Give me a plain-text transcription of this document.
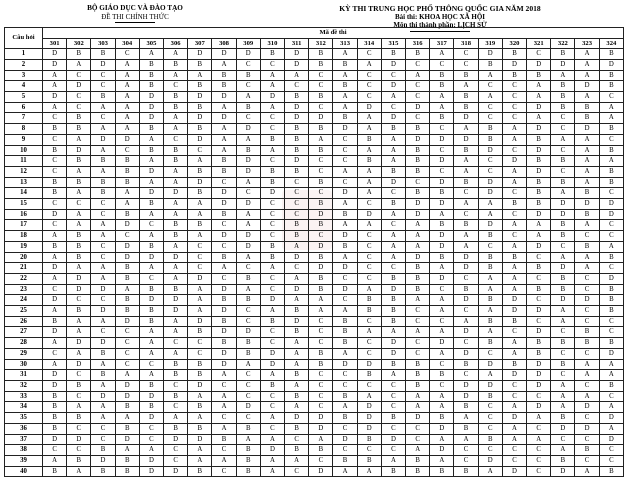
BỘ GIÁO DỤC VÀ ĐÀO TẠO
ĐỀ THI CHÍNH THỨC
KỲ THI TRUNG HỌC PHỔ THÔNG QUỐC GIA NĂM 2018
Bài thi: KHOA HỌC XÃ HỘI
Môn thi thành phần: LỊCH SỬ
Câu hỏi	Mã đề thi																							
	301	302	303	304	305	306	307	308	309	310	311	312	313	314	315	316	317	318	319	320	321	322	323	324
1	D	B	B	C	A	A	D	D	D	B	D	B	A	C	B	B	A	C	D	B	C	B	A	B
2	D	A	D	A	B	B	B	A	C	C	D	B	B	A	D	C	C	C	B	D	D	D	A	D
3	A	C	C	A	B	A	A	B	B	A	A	C	A	C	C	A	B	B	A	B	B	A	A	B
4	A	D	C	A	B	C	B	B	C	A	C	C	B	C	D	C	B	A	C	C	A	B	D	B
5	D	C	B	A	D	B	D	D	A	D	B	B	A	C	A	C	A	B	A	C	A	B	A	C
6	A	C	A	A	D	B	B	A	B	A	D	C	A	D	C	D	A	B	C	C	D	B	B	A
7	C	B	C	A	D	A	D	D	C	C	D	D	B	A	D	C	B	D	C	C	A	C	B	A
8	B	B	A	A	B	A	B	A	D	C	B	B	D	A	B	B	C	A	B	A	D	C	D	B
9	C	A	D	D	A	C	D	A	A	B	B	A	C	B	A	D	D	D	B	A	B	A	A	C
10	B	D	A	C	B	B	C	A	B	A	B	B	C	A	A	B	C	B	D	C	D	C	A	B
11	C	B	B	B	A	B	A	B	D	C	D	C	C	B	A	B	D	A	C	D	B	B	A	A
12	C	A	A	B	D	A	B	B	D	B	B	C	A	A	B	B	C	A	C	A	D	C	A	B
13	B	B	B	B	A	A	D	C	A	B	C	B	C	A	D	C	D	B	D	A	B	B	A	B
14	B	A	B	A	D	D	B	D	C	D	C	C	D	A	C	B	B	C	D	C	B	A	B	C
15	C	C	C	A	B	A	A	D	D	C	C	B	A	C	B	D	D	A	A	B	B	D	D	D
16	D	A	C	B	A	A	A	B	A	C	C	D	B	D	A	D	A	C	A	C	D	D	B	D
17	C	A	A	D	C	B	B	C	A	C	B	B	A	A	C	A	B	B	D	A	A	B	A	C
18	A	B	A	C	A	B	A	D	D	C	B	C	D	C	A	A	D	A	B	C	A	B	C	C
19	B	B	C	D	B	A	C	C	D	B	A	D	B	C	A	A	D	A	C	A	D	C	B	A
20	A	B	C	D	D	D	C	B	A	B	D	B	A	C	A	D	B	D	B	B	C	A	A	B
21	D	A	A	B	A	A	C	A	C	A	C	D	D	C	C	B	A	D	B	A	B	D	A	C
22	A	D	A	B	C	A	D	C	B	C	A	B	C	C	B	B	D	C	A	A	C	B	C	D
23	C	D	D	A	B	B	A	D	A	C	D	B	D	A	D	B	C	B	A	A	B	B	C	B
24	D	C	C	B	D	D	A	B	B	D	A	A	C	B	B	A	A	D	B	D	C	D	D	B
25	A	B	D	B	B	D	A	D	C	A	B	A	A	B	B	C	A	C	A	D	D	A	C	B
26	B	A	A	D	B	A	D	B	C	B	D	C	B	C	B	C	C	A	B	B	C	A	C	C
27	D	A	C	C	A	A	B	D	D	C	B	C	B	A	A	A	A	D	A	C	D	C	B	C
28	A	D	D	C	A	C	C	B	B	C	A	C	B	C	D	C	D	C	B	A	B	B	B	B
29	C	A	B	C	A	A	C	D	B	D	A	B	A	C	D	C	A	D	C	A	B	C	C	D
30	A	D	A	C	C	B	B	D	A	D	A	B	D	D	B	B	C	B	D	B	D	B	A	A
31	D	C	B	A	A	B	B	A	C	A	B	C	C	B	A	B	B	C	A	D	D	C	A	A
32	D	B	A	D	B	C	D	C	C	B	A	C	C	C	C	B	C	D	D	C	D	A	C	B
33	B	C	D	D	D	B	A	A	C	C	B	C	B	A	C	A	A	D	B	C	C	A	A	C
34	B	A	A	B	B	C	B	A	D	C	A	C	A	D	C	A	A	B	C	A	D	A	D	A
35	B	B	A	A	D	A	A	C	C	A	D	D	B	D	B	D	B	A	C	D	A	B	C	D
36	B	C	C	B	C	B	B	A	B	C	B	D	C	D	C	C	D	B	C	A	C	D	D	A
37	D	D	C	D	C	D	D	B	A	A	C	A	D	B	D	C	A	A	B	A	A	C	C	D
38	C	C	B	A	A	C	A	C	B	D	B	B	C	C	C	A	D	C	C	C	C	A	B	C
39	A	B	D	B	D	C	A	A	B	A	A	C	B	B	A	B	A	C	D	C	C	B	C	C
40	B	A	B	B	D	D	B	C	B	A	C	D	A	A	B	B	B	B	A	D	C	D	A	B
